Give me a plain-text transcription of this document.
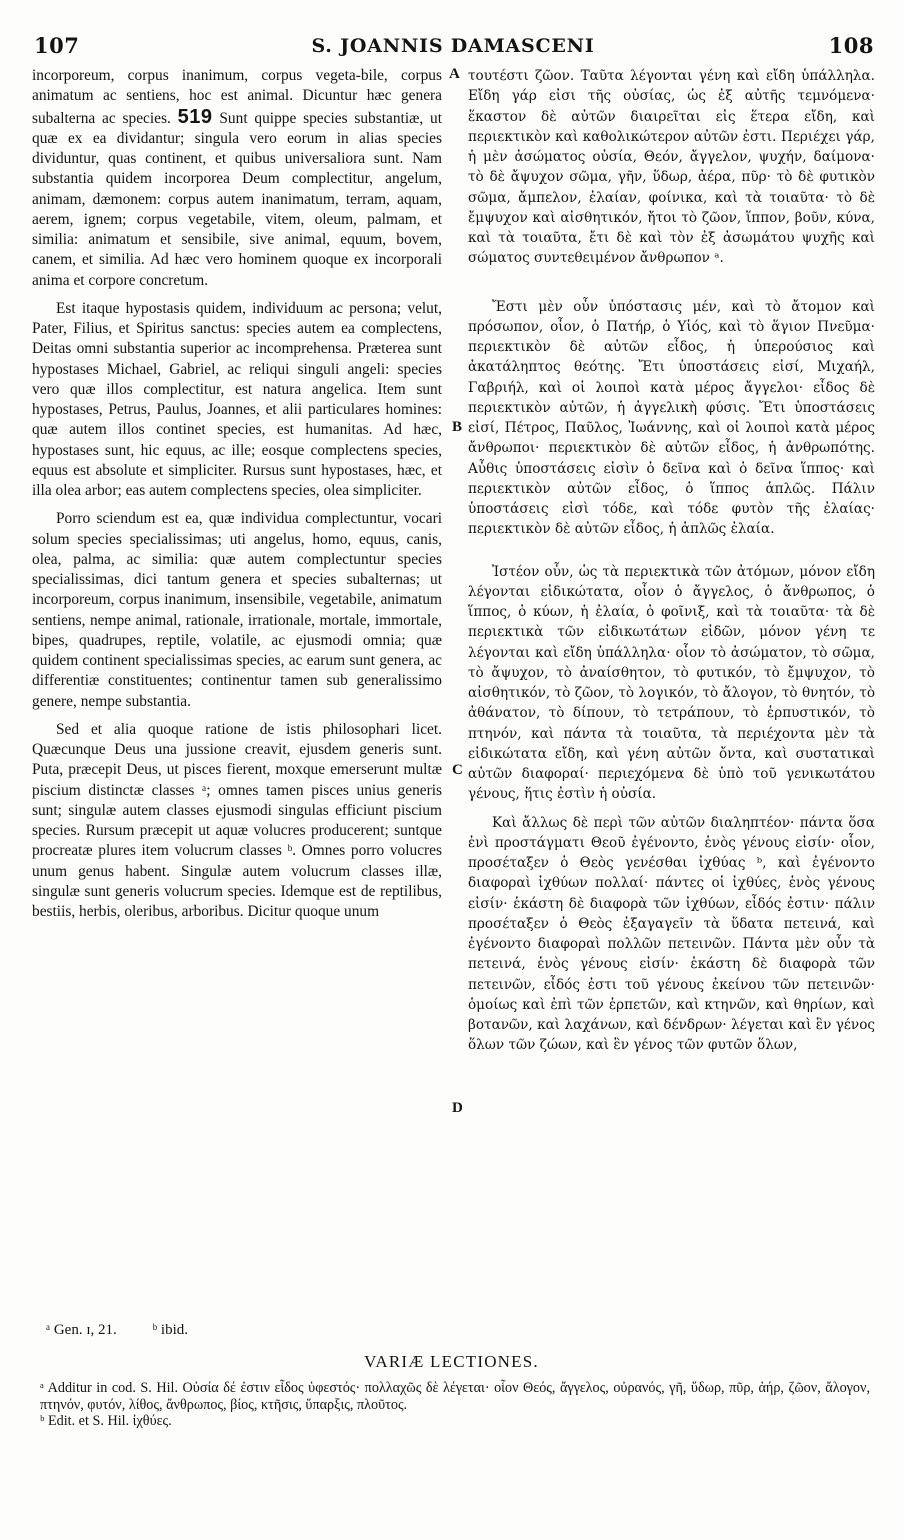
107	S. JOANNIS DAMASCENI	108

incorporeum, corpus inanimum, corpus vegeta-bile, corpus animatum ac sentiens, hoc est animal. Dicuntur hæc genera subalterna ac species. 519 Sunt quippe species substantiæ, ut quæ ex ea dividantur; singula vero eorum in alias species dividuntur, quas continent, et quibus universaliora sunt. Nam substantia quidem incorporea Deum complectitur, angelum, animam, dæmonem: corpus autem inanimatum, terram, aquam, aerem, ignem; corpus vegetabile, vitem, oleum, palmam, et similia: animatum et sensibile, sive animal, equum, bovem, canem, et similia. Ad hæc vero hominem quoque ex incorporali anima et corpore concretum.

Est itaque hypostasis quidem, individuum ac persona; velut, Pater, Filius, et Spiritus sanctus: species autem ea complectens, Deitas omni substantia superior ac incomprehensa. Præterea sunt hypostases Michael, Gabriel, ac reliqui singuli angeli: species vero quæ illos complectitur, est natura angelica. Item sunt hypostases, Petrus, Paulus, Joannes, et alii particulares homines: quæ autem illos continet species, est humanitas. Ad hæc, hypostases sunt, hic equus, ac ille; eosque complectens species, equus est absolute et simpliciter. Rursus sunt hypostases, hæc, et illa olea arbor; eas autem complectens species, olea simpliciter.

Porro sciendum est ea, quæ individua complectuntur, vocari solum species specialissimas; uti angelus, homo, equus, canis, olea, palma, ac similia: quæ autem complectuntur species specialissimas, dici tantum genera et species subalternas; ut incorporeum, corpus inanimum, insensibile, vegetabile, animatum sentiens, nempe animal, rationale, irrationale, mortale, immortale, bipes, quadrupes, reptile, volatile, ac ejusmodi omnia; quæ quidem continent specialissimas species, ac earum sunt genera, ac differentiæ constituentes; continentur tamen sub generalissimo genere, nempe substantia.

Sed et alia quoque ratione de istis philosophari licet. Quæcunque Deus una jussione creavit, ejusdem generis sunt. Puta, præcepit Deus, ut pisces fierent, moxque emerserunt multæ piscium distinctæ classes ᵃ; omnes tamen pisces unius generis sunt; singulæ autem classes ejusmodi singulas efficiunt piscium species. Rursum præcepit ut aquæ volucres producerent; suntque procreatæ plures item volucrum classes ᵇ. Omnes porro volucres unum genus habent. Singulæ autem volucrum classes illæ, singulæ sunt generis volucrum species. Idemque est de reptilibus, bestiis, herbis, oleribus, arboribus. Dicitur quoque unum

τουτέστι ζῶον. Ταῦτα λέγονται γένη καὶ εἴδη ὑπάλληλα. Εἴδη γάρ εἰσι τῆς οὐσίας, ὡς ἐξ αὐτῆς τεμνόμενα· ἕκαστον δὲ αὐτῶν διαιρεῖται εἰς ἕτερα εἴδη, καὶ περιεκτικὸν καὶ καθολικώτερον αὐτῶν ἐστι. Περιέχει γάρ, ἡ μὲν ἀσώματος οὐσία, Θεόν, ἄγγελον, ψυχήν, δαίμονα· τὸ δὲ ἄψυχον σῶμα, γῆν, ὕδωρ, ἀέρα, πῦρ· τὸ δὲ φυτικὸν σῶμα, ἄμπελον, ἐλαίαν, φοίνικα, καὶ τὰ τοιαῦτα· τὸ δὲ ἔμψυχον καὶ αἰσθητικόν, ἤτοι τὸ ζῶον, ἵππον, βοῦν, κύνα, καὶ τὰ τοιαῦτα, ἔτι δὲ καὶ τὸν ἐξ ἀσωμάτου ψυχῆς καὶ σώματος συντεθειμένον ἄνθρωπον ᵃ.

Ἔστι μὲν οὖν ὑπόστασις μέν, καὶ τὸ ἄτομον καὶ πρόσωπον, οἷον, ὁ Πατήρ, ὁ Υἱός, καὶ τὸ ἅγιον Πνεῦμα· περιεκτικὸν δὲ αὐτῶν εἶδος, ἡ ὑπερούσιος καὶ ἀκατάληπτος θεότης. Ἔτι ὑποστάσεις εἰσί, Μιχαήλ, Γαβριήλ, καὶ οἱ λοιποὶ κατὰ μέρος ἄγγελοι· εἶδος δὲ περιεκτικὸν αὐτῶν, ἡ ἀγγελικὴ φύσις. Ἔτι ὑποστάσεις εἰσί, Πέτρος, Παῦλος, Ἰωάννης, καὶ οἱ λοιποὶ κατὰ μέρος ἄνθρωποι· περιεκτικὸν δὲ αὐτῶν εἶδος, ἡ ἀνθρωπότης. Αὖθις ὑποστάσεις εἰσὶν ὁ δεῖνα καὶ ὁ δεῖνα ἵππος· καὶ περιεκτικὸν αὐτῶν εἶδος, ὁ ἵππος ἁπλῶς. Πάλιν ὑποστάσεις εἰσὶ τόδε, καὶ τόδε φυτὸν τῆς ἐλαίας· περιεκτικὸν δὲ αὐτῶν εἶδος, ἡ ἁπλῶς ἐλαία.

Ἰστέον οὖν, ὡς τὰ περιεκτικὰ τῶν ἀτόμων, μόνον εἴδη λέγονται εἰδικώτατα, οἷον ὁ ἄγγελος, ὁ ἄνθρωπος, ὁ ἵππος, ὁ κύων, ἡ ἐλαία, ὁ φοῖνιξ, καὶ τὰ τοιαῦτα· τὰ δὲ περιεκτικὰ τῶν εἰδικωτάτων εἰδῶν, μόνον γένη τε λέγονται καὶ εἴδη ὑπάλληλα· οἷον τὸ ἀσώματον, τὸ σῶμα, τὸ ἄψυχον, τὸ ἀναίσθητον, τὸ φυτικόν, τὸ ἔμψυχον, τὸ αἰσθητικόν, τὸ ζῶον, τὸ λογικόν, τὸ ἄλογον, τὸ θνητόν, τὸ ἀθάνατον, τὸ δίπουν, τὸ τετράπουν, τὸ ἑρπυστικόν, τὸ πτηνόν, καὶ πάντα τὰ τοιαῦτα, τὰ περιέχοντα μὲν τὰ εἰδικώτατα εἴδη, καὶ γένη αὐτῶν ὄντα, καὶ συστατικαὶ αὐτῶν διαφοραί· περιεχόμενα δὲ ὑπὸ τοῦ γενικωτάτου γένους, ἥτις ἐστὶν ἡ οὐσία.

Καὶ ἄλλως δὲ περὶ τῶν αὐτῶν διαληπτέον· πάντα ὅσα ἑνὶ προστάγματι Θεοῦ ἐγένοντο, ἑνὸς γένους εἰσίν· οἷον, προσέταξεν ὁ Θεὸς γενέσθαι ἰχθύας ᵇ, καὶ ἐγένοντο διαφοραὶ ἰχθύων πολλαί· πάντες οἱ ἰχθύες, ἑνὸς γένους εἰσίν· ἑκάστη δὲ διαφορὰ τῶν ἰχθύων, εἶδός ἐστιν· πάλιν προσέταξεν ὁ Θεὸς ἐξαγαγεῖν τὰ ὕδατα πετεινά, καὶ ἐγένοντο διαφοραὶ πολλῶν πετεινῶν. Πάντα μὲν οὖν τὰ πετεινά, ἑνὸς γένους εἰσίν· ἑκάστη δὲ διαφορὰ τῶν πετεινῶν, εἶδός ἐστι τοῦ γένους ἐκείνου τῶν πετεινῶν· ὁμοίως καὶ ἐπὶ τῶν ἑρπετῶν, καὶ κτηνῶν, καὶ θηρίων, καὶ βοτανῶν, καὶ λαχάνων, καὶ δένδρων· λέγεται καὶ ἓν γένος ὅλων τῶν ζώων, καὶ ἓν γένος τῶν φυτῶν ὅλων,

A
B
C
D
ᵃ Gen. ɪ, 21. ᵇ ibid.
VARIÆ LECTIONES.

ᵃ Additur in cod. S. Hil. Οὐσία δέ ἐστιν εἶδος ὑφεστός· πολλαχῶς δὲ λέγεται· οἷον Θεός, ἄγγελος, οὐρανός, γῆ, ὕδωρ, πῦρ, ἀήρ, ζῶον, ἄλογον, πτηνόν, φυτόν, λίθος, ἄνθρωπος, βίος, κτῆσις, ὕπαρξις, πλοῦτος.

ᵇ Edit. et S. Hil. ἰχθύες.
